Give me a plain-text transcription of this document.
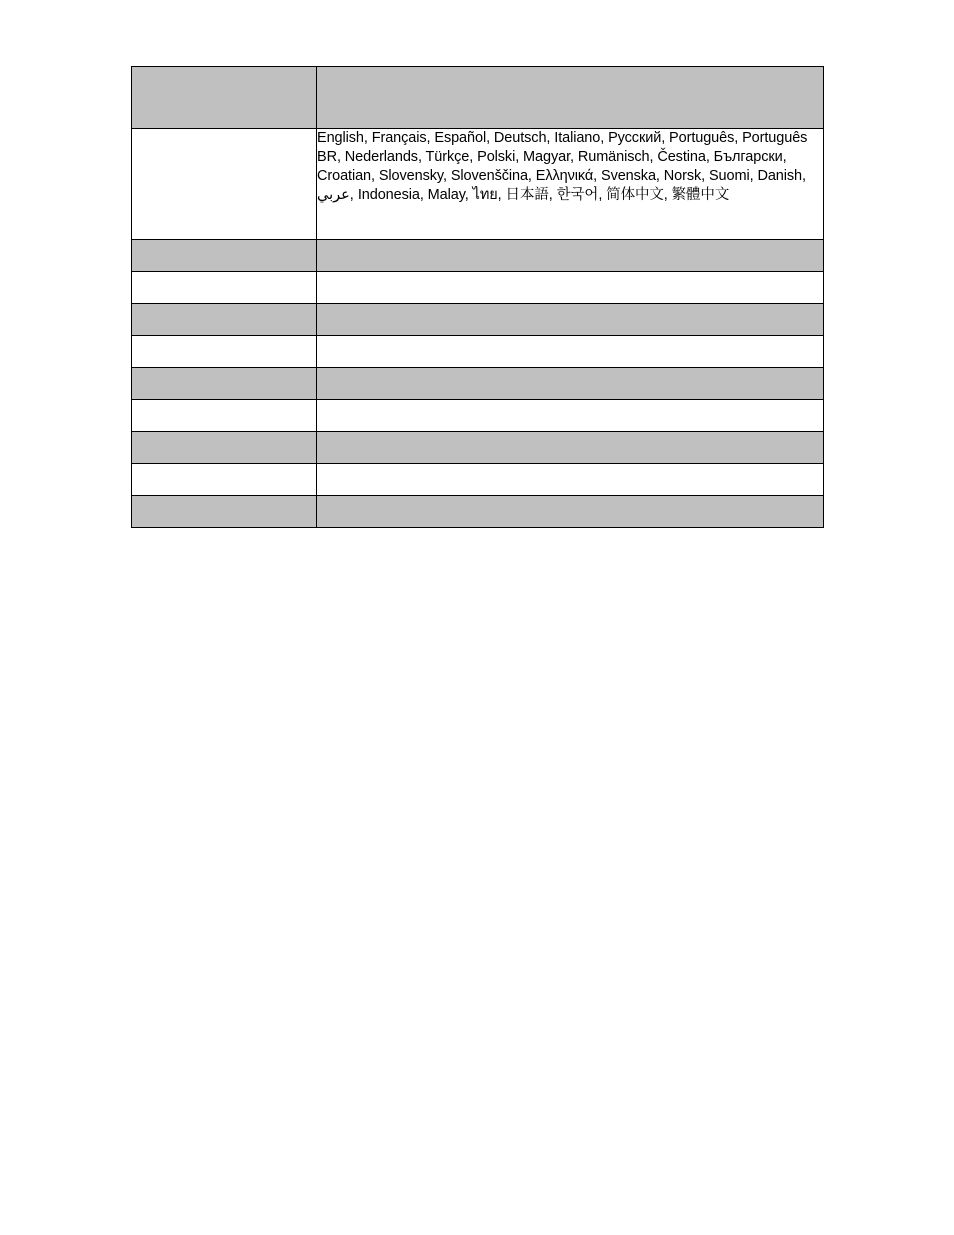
	English, Français, Español, Deutsch, Italiano, Русский, Português, Português BR, Nederlands, Türkçe, Polski, Magyar, Rumänisch, Čestina, Български, Croatian, Slovensky, Slovenščina, Ελληνικά, Svenska, Norsk, Suomi, Danish, عربي, Indonesia, Malay, ไทย, 日本語, 한국어, 简体中文, 繁體中文
